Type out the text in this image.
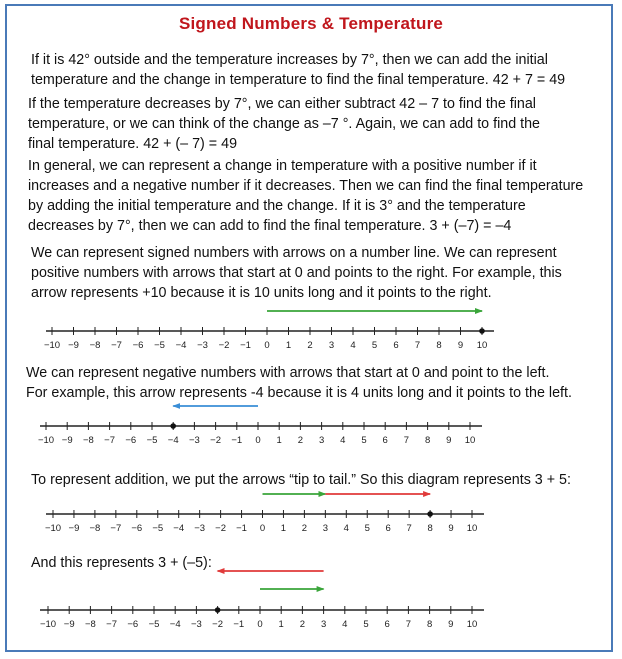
Signed Numbers & Temperature
If it is 42° outside and the temperature increases by 7°, then we can add the initial
temperature and the change in temperature to find the final temperature. 42 + 7 = 49
If the temperature decreases by 7°, we can either subtract 42 – 7 to find the final
temperature, or we can think of the change as –7 °. Again, we can add to find the
final temperature. 42 + (– 7) = 49
In general, we can represent a change in temperature with a positive number if it
increases and a negative number if it decreases. Then we can find the final temperature
by adding the initial temperature and the change. If it is 3° and the temperature
decreases by 7°, then we can add to find the final temperature. 3 + (–7) = –4
We can represent signed numbers with arrows on a number line. We can represent
positive numbers with arrows that start at 0 and points to the right. For example, this
arrow represents +10 because it is 10 units long and it points to the right.
We can represent negative numbers with arrows that start at 0 and point to the left.
For example, this arrow represents -4 because it is 4 units long and it points to the left.
To represent addition, we put the arrows “tip to tail.” So this diagram represents 3 + 5:
And this represents 3 + (–5):
−10 −9 −8 −7 −6 −5 −4 −3 −2 −1 0 1 2 3 4 5 6 7 8 9 10
−10 −9 −8 −7 −6 −5 −4 −3 −2 −1 0 1 2 3 4 5 6 7 8 9 10
−10 −9 −8 −7 −6 −5 −4 −3 −2 −1 0 1 2 3 4 5 6 7 8 9 10
−10 −9 −8 −7 −6 −5 −4 −3 −2 −1 0 1 2 3 4 5 6 7 8 9 10
